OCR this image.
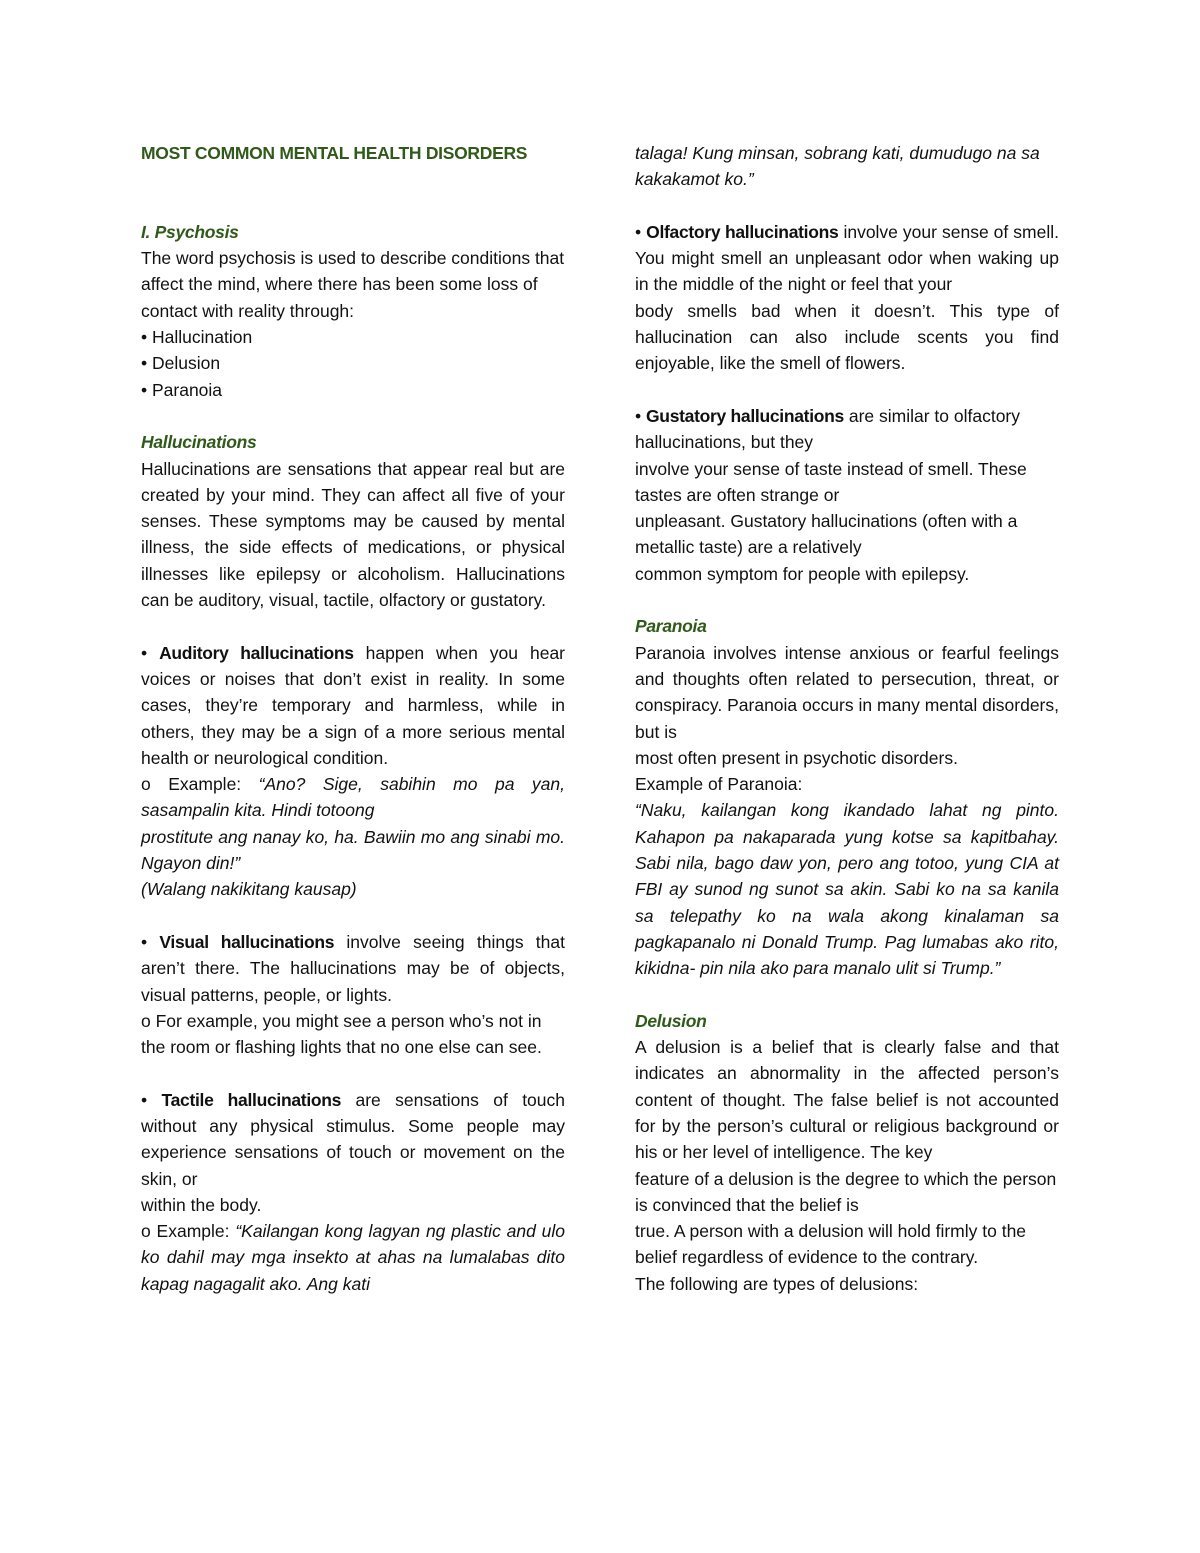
MOST COMMON MENTAL HEALTH DISORDERS

I. Psychosis

The word psychosis is used to describe conditions that affect the mind, where there has been some loss of contact with reality through:

• Hallucination

• Delusion

• Paranoia

Hallucinations

Hallucinations are sensations that appear real but are created by your mind. They can affect all five of your senses. These symptoms may be caused by mental illness, the side effects of medications, or physical illnesses like epilepsy or alcoholism. Hallucinations can be auditory, visual, tactile, olfactory or gustatory.

• Auditory hallucinations happen when you hear voices or noises that don’t exist in reality. In some cases, they’re temporary and harmless, while in others, they may be a sign of a more serious mental health or neurological condition.

o Example: “Ano? Sige, sabihin mo pa yan, sasampalin kita. Hindi totoong

prostitute ang nanay ko, ha. Bawiin mo ang sinabi mo. Ngayon din!”

(Walang nakikitang kausap)

• Visual hallucinations involve seeing things that aren’t there. The hallucinations may be of objects, visual patterns, people, or lights.

o For example, you might see a person who’s not in the room or flashing lights that no one else can see.

• Tactile hallucinations are sensations of touch without any physical stimulus. Some people may experience sensations of touch or movement on the skin, or

within the body.

o Example: “Kailangan kong lagyan ng plastic and ulo ko dahil may mga insekto at ahas na lumalabas dito kapag nagagalit ako. Ang kati

talaga! Kung minsan, sobrang kati, dumudugo na sa kakakamot ko.”

• Olfactory hallucinations involve your sense of smell. You might smell an unpleasant odor when waking up in the middle of the night or feel that your

body smells bad when it doesn’t. This type of hallucination can also include scents you find enjoyable, like the smell of flowers.

• Gustatory hallucinations are similar to olfactory hallucinations, but they

involve your sense of taste instead of smell. These tastes are often strange or

unpleasant. Gustatory hallucinations (often with a metallic taste) are a relatively

common symptom for people with epilepsy.

Paranoia

Paranoia involves intense anxious or fearful feelings and thoughts often related to persecution, threat, or conspiracy. Paranoia occurs in many mental disorders, but is

most often present in psychotic disorders.

Example of Paranoia:

“Naku, kailangan kong ikandado lahat ng pinto. Kahapon pa nakaparada yung kotse sa kapitbahay. Sabi nila, bago daw yon, pero ang totoo, yung CIA at FBI ay sunod ng sunot sa akin. Sabi ko na sa kanila sa telepathy ko na wala akong kinalaman sa pagkapanalo ni Donald Trump. Pag lumabas ako rito, kikidna- pin nila ako para manalo ulit si Trump.”

Delusion

A delusion is a belief that is clearly false and that indicates an abnormality in the affected person’s content of thought. The false belief is not accounted for by the person’s cultural or religious background or his or her level of intelligence. The key

feature of a delusion is the degree to which the person is convinced that the belief is

true. A person with a delusion will hold firmly to the belief regardless of evidence to the contrary.

The following are types of delusions:
